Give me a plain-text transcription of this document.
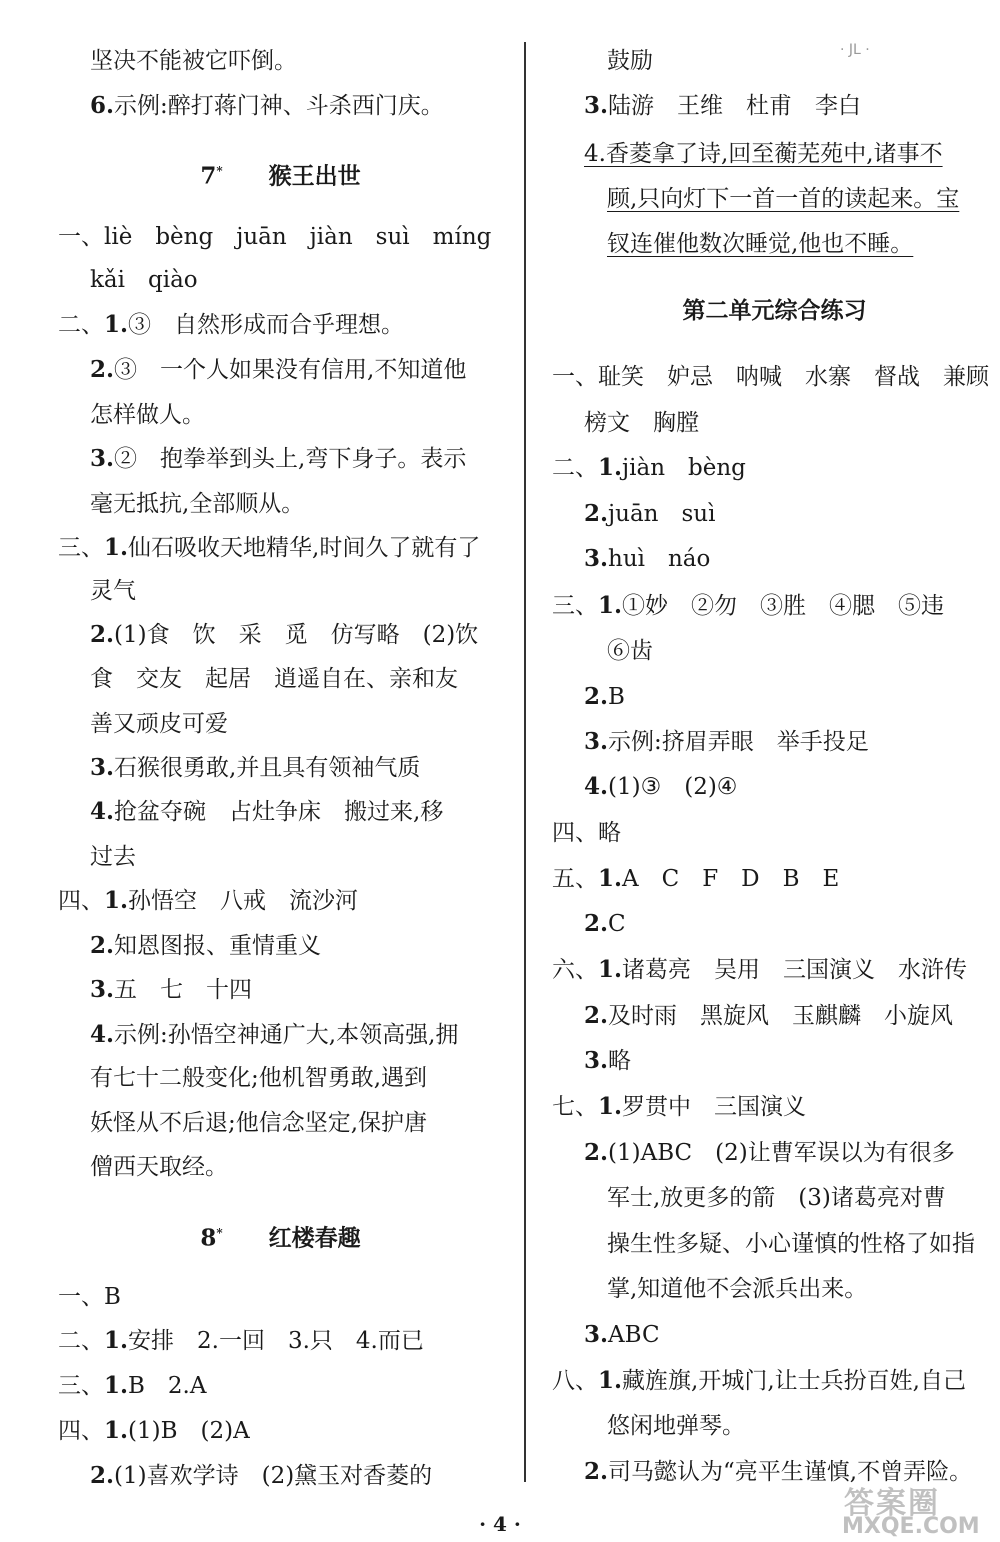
坚决不能被它吓倒。
6.示例:醉打蒋门神、斗杀西门庆。
7*　　 猴王出世
一、liè　bèng　juān　jiàn　suì　míng
kǎi　qiào
二、1.③　自然形成而合乎理想。
2.③　一个人如果没有信用,不知道他
怎样做人。
3.②　抱拳举到头上,弯下身子。表示
毫无抵抗,全部顺从。
三、1.仙石吸收天地精华,时间久了就有了
灵气
2.(1)食　饮　采　觅　仿写略　(2)饮
食　交友　起居　逍遥自在、亲和友
善又顽皮可爱
3.石猴很勇敢,并且具有领袖气质
4.抢盆夺碗　占灶争床　搬过来,移
过去
四、1.孙悟空　八戒　流沙河
2.知恩图报、重情重义
3.五　七　十四
4.示例:孙悟空神通广大,本领高强,拥
有七十二般变化;他机智勇敢,遇到
妖怪从不后退;他信念坚定,保护唐
僧西天取经。
8*　　 红楼春趣
一、B
二、1.安排　2.一回　3.只　4.而已
三、1.B　2.A
四、1.(1)B　(2)A
2.(1)喜欢学诗　(2)黛玉对香菱的
鼓励
3.陆游　王维　杜甫　李白
4.香菱拿了诗,回至蘅芜苑中,诸事不
顾,只向灯下一首一首的读起来。宝
钗连催他数次睡觉,他也不睡。
第二单元综合练习
一、耻笑　妒忌　呐喊　水寨　督战　兼顾
榜文　胸膛
二、1.jiàn　bèng
2.juān　suì
3.huì　náo
三、1.①妙　②勿　③胜　④腮　⑤违
⑥齿
2.B
3.示例:挤眉弄眼　举手投足
4.(1)③　(2)④
四、略
五、1.A　C　F　D　B　E
2.C
六、1.诸葛亮　吴用　三国演义　水浒传
2.及时雨　黑旋风　玉麒麟　小旋风
3.略
七、1.罗贯中　三国演义
2.(1)ABC　(2)让曹军误以为有很多
军士,放更多的箭　(3)诸葛亮对曹
操生性多疑、小心谨慎的性格了如指
掌,知道他不会派兵出来。
3.ABC
八、1.藏旌旗,开城门,让士兵扮百姓,自己
悠闲地弹琴。
2.司马懿认为“亮平生谨慎,不曾弄险。
· JL ·
· 4 ·
答案圈
MXQE.COM
